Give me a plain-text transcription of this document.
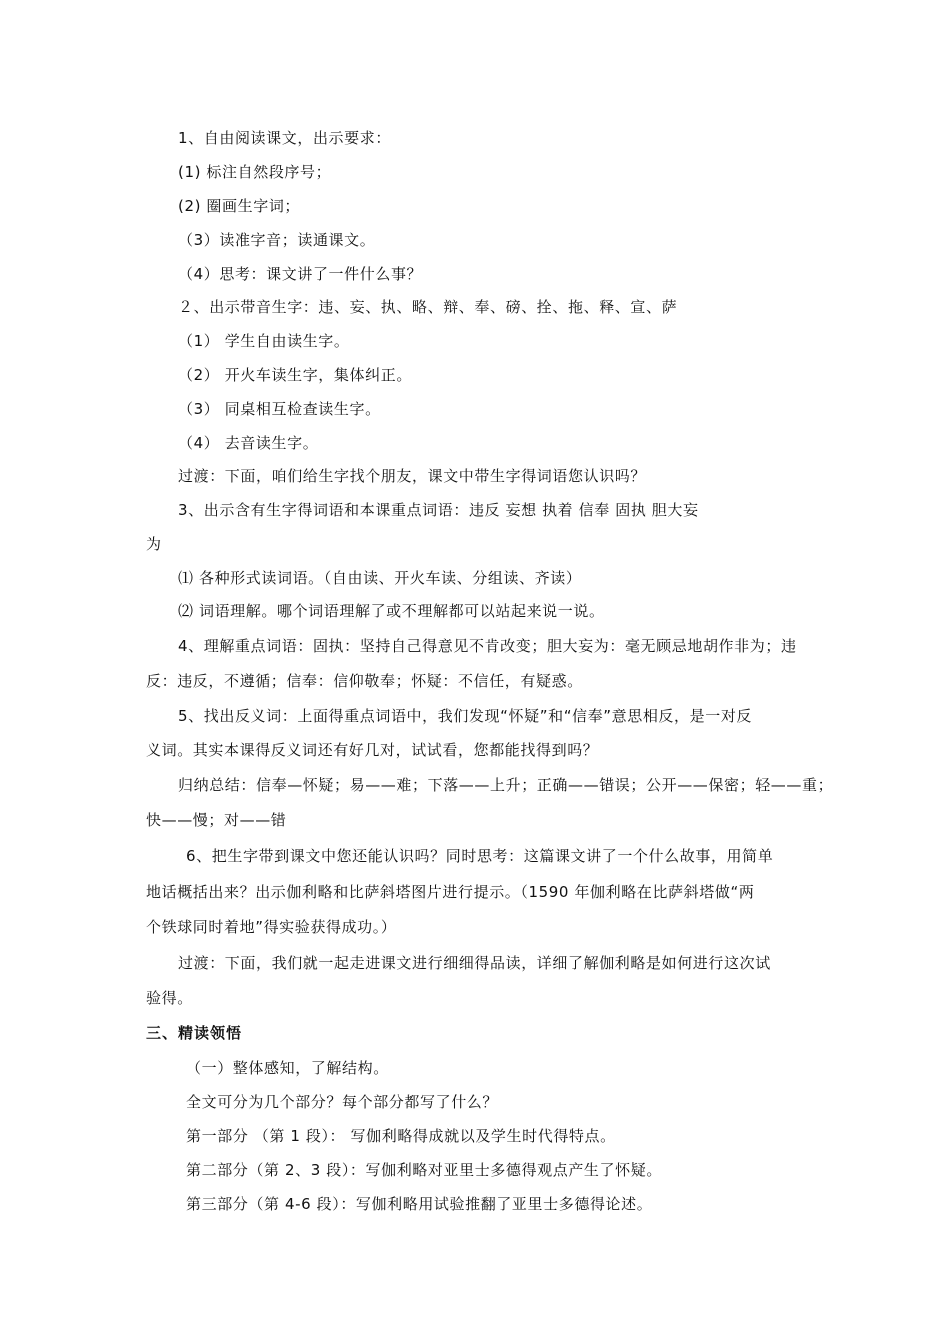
1、自由阅读课文，出示要求：
(1) 标注自然段序号；
(2) 圈画生字词；
（3）读准字音；读通课文。
（4）思考：课文讲了一件什么事？
２、出示带音生字：违、妄、执、略、辩、奉、磅、拴、拖、释、宣、萨
（1） 学生自由读生字。
（2） 开火车读生字，集体纠正。
（3） 同桌相互检查读生字。
（4） 去音读生字。
过渡：下面，咱们给生字找个朋友，课文中带生字得词语您认识吗？
3、出示含有生字得词语和本课重点词语：违反 妄想 执着 信奉 固执 胆大妄
为
⑴ 各种形式读词语。（自由读、开火车读、分组读、齐读）
⑵ 词语理解。哪个词语理解了或不理解都可以站起来说一说。
4、理解重点词语：固执：坚持自己得意见不肯改变；胆大妄为：毫无顾忌地胡作非为；违
反：违反，不遵循；信奉：信仰敬奉；怀疑：不信任，有疑惑。
5、找出反义词：上面得重点词语中，我们发现“怀疑”和“信奉”意思相反，是一对反
义词。其实本课得反义词还有好几对，试试看，您都能找得到吗？
归纳总结：信奉—怀疑；易——难；下落——上升；正确——错误；公开——保密；轻——重；
快——慢；对——错
6、把生字带到课文中您还能认识吗？同时思考：这篇课文讲了一个什么故事，用简单
地话概括出来？出示伽利略和比萨斜塔图片进行提示。（1590 年伽利略在比萨斜塔做“两
个铁球同时着地”得实验获得成功。）
过渡：下面，我们就一起走进课文进行细细得品读，详细了解伽利略是如何进行这次试
验得。
三、精读领悟
（一）整体感知，了解结构。
全文可分为几个部分？每个部分都写了什么？
第一部分 （第 1 段）： 写伽利略得成就以及学生时代得特点。
第二部分（第 2、3 段）：写伽利略对亚里士多德得观点产生了怀疑。
第三部分（第 4-6 段）：写伽利略用试验推翻了亚里士多德得论述。
